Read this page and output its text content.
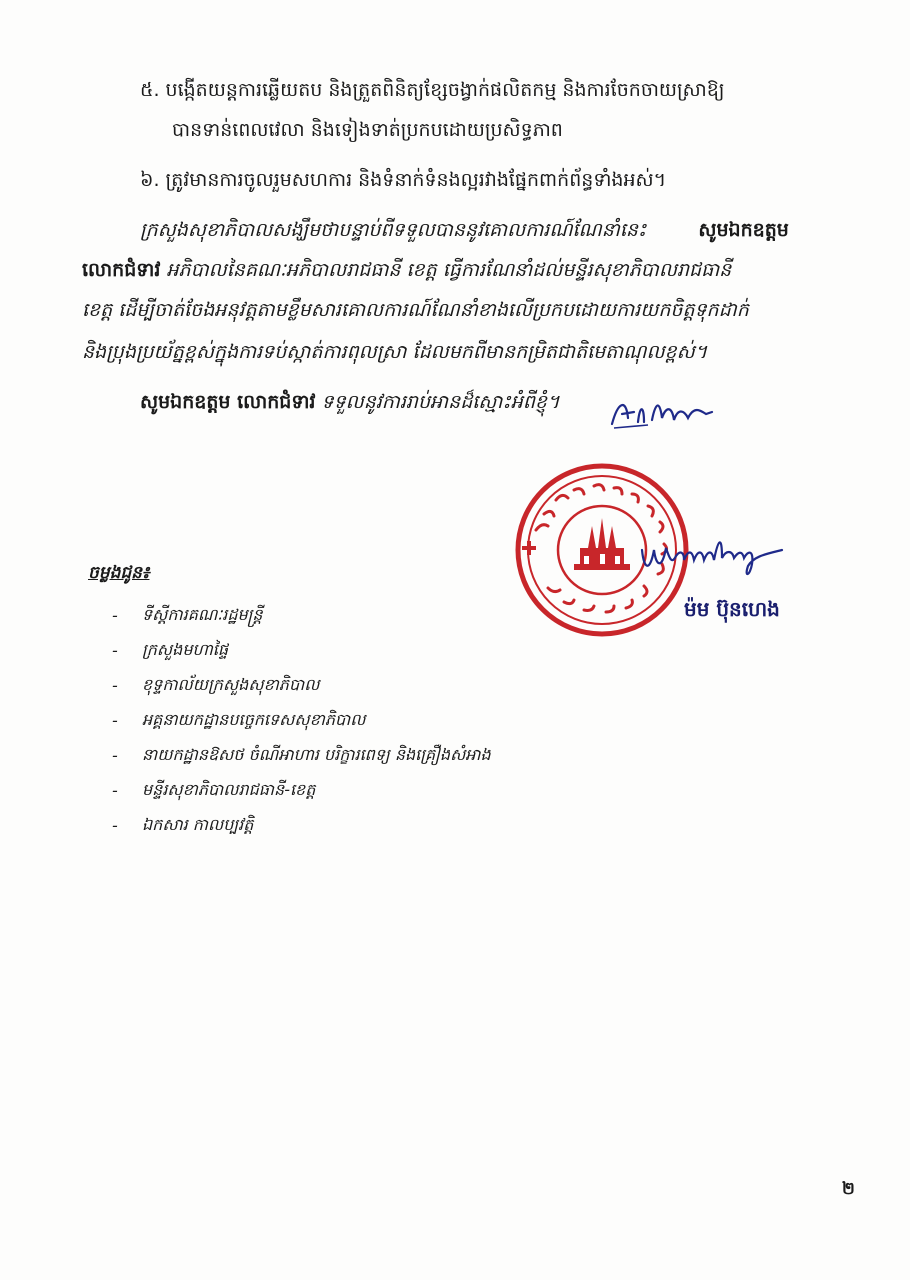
៥. បង្កើតយន្តការឆ្លើយតប និងត្រួតពិនិត្យខ្សែចង្វាក់ផលិតកម្ម និងការចែកចាយស្រាឱ្យ
បានទាន់ពេលវេលា និងទៀងទាត់ប្រកបដោយប្រសិទ្ធភាព
៦. ត្រូវមានការចូលរួមសហការ និងទំនាក់ទំនងល្អរវាងផ្នែកពាក់ព័ន្ធទាំងអស់។
ក្រសួងសុខាភិបាលសង្ឃឹមថាបន្ទាប់ពីទទួលបាននូវគោលការណ៍ណែនាំនេះ	សូមឯកឧត្តម
លោកជំទាវ អភិបាលនៃគណៈអភិបាលរាជធានី ខេត្ត ធ្វើការណែនាំដល់មន្ទីរសុខាភិបាលរាជធានី
ខេត្ត ដើម្បីចាត់ចែងអនុវត្តតាមខ្លឹមសារគោលការណ៍ណែនាំខាងលើប្រកបដោយការយកចិត្តទុកដាក់
និងប្រុងប្រយ័ត្នខ្ពស់ក្នុងការទប់ស្កាត់ការពុលស្រា ដែលមកពីមានកម្រិតជាតិមេតាណុលខ្ពស់។
សូមឯកឧត្តម លោកជំទាវ ទទួលនូវការរាប់អានដ៏ស្មោះអំពីខ្ញុំ។
ម៉ម ប៊ុនហេង
ចម្លងជូន៖
-	ទីស្តីការគណៈរដ្ឋមន្ត្រី
-	ក្រសួងមហាផ្ទៃ
-	ខុទ្ទកាល័យក្រសួងសុខាភិបាល
-	អគ្គនាយកដ្ឋានបច្ចេកទេសសុខាភិបាល
-	នាយកដ្ឋានឱសថ ចំណីអាហារ បរិក្ខារពេទ្យ និងគ្រឿងសំអាង
-	មន្ទីរសុខាភិបាលរាជធានី-ខេត្ត
-	ឯកសារ កាលប្បវត្តិ
២
